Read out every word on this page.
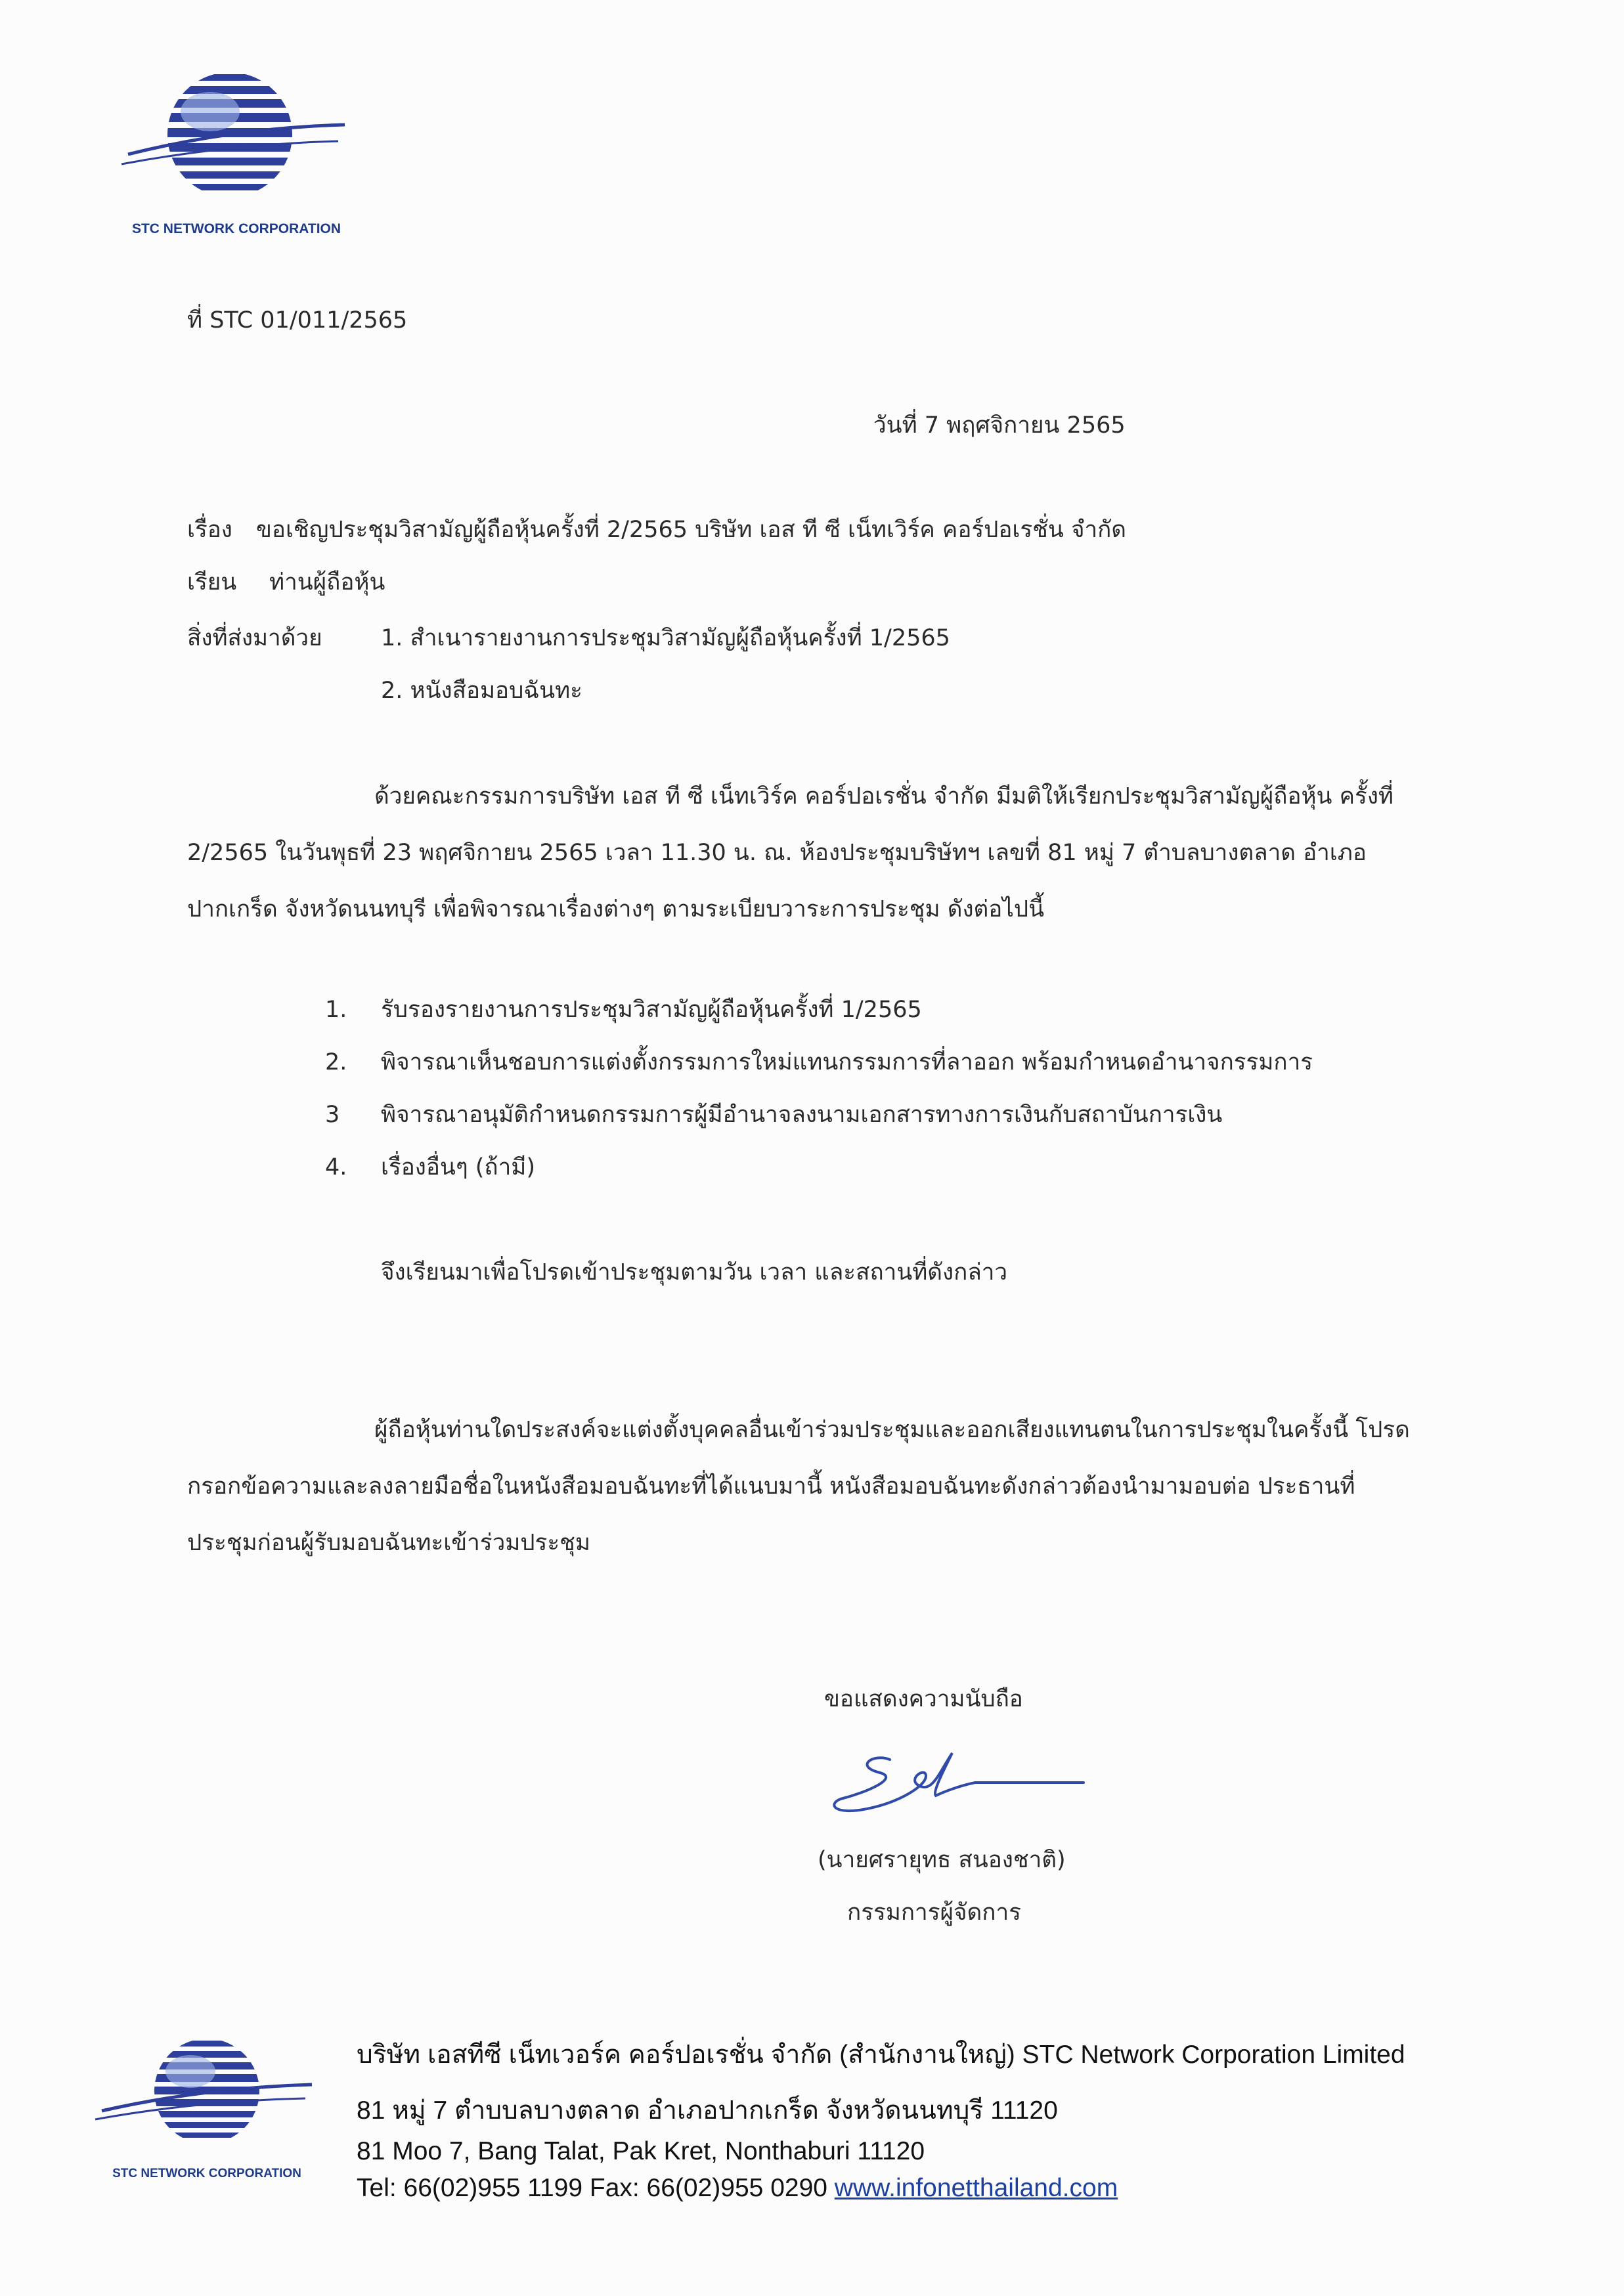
STC NETWORK CORPORATION
ที่ STC 01/011/2565
วันที่ 7 พฤศจิกายน 2565
เรื่อง ขอเชิญประชุมวิสามัญผู้ถือหุ้นครั้งที่ 2/2565 บริษัท เอส ที ซี เน็ทเวิร์ค คอร์ปอเรชั่น จำกัด
เรียน ท่านผู้ถือหุ้น
สิ่งที่ส่งมาด้วย	1. สำเนารายงานการประชุมวิสามัญผู้ถือหุ้นครั้งที่ 1/2565
2. หนังสือมอบฉันทะ
ด้วยคณะกรรมการบริษัท เอส ที ซี เน็ทเวิร์ค คอร์ปอเรชั่น จำกัด มีมติให้เรียกประชุมวิสามัญผู้ถือหุ้น ครั้งที่ 2/2565 ในวันพุธที่ 23 พฤศจิกายน 2565 เวลา 11.30 น. ณ. ห้องประชุมบริษัทฯ เลขที่ 81 หมู่ 7 ตำบลบางตลาด อำเภอปากเกร็ด จังหวัดนนทบุรี เพื่อพิจารณาเรื่องต่างๆ ตามระเบียบวาระการประชุม ดังต่อไปนี้
1. รับรองรายงานการประชุมวิสามัญผู้ถือหุ้นครั้งที่ 1/2565
2. พิจารณาเห็นชอบการแต่งตั้งกรรมการใหม่แทนกรรมการที่ลาออก พร้อมกำหนดอำนาจกรรมการ
3 พิจารณาอนุมัติกำหนดกรรมการผู้มีอำนาจลงนามเอกสารทางการเงินกับสถาบันการเงิน
4. เรื่องอื่นๆ (ถ้ามี)
จึงเรียนมาเพื่อโปรดเข้าประชุมตามวัน เวลา และสถานที่ดังกล่าว
ผู้ถือหุ้นท่านใดประสงค์จะแต่งตั้งบุคคลอื่นเข้าร่วมประชุมและออกเสียงแทนตนในการประชุมในครั้งนี้ โปรดกรอกข้อความและลงลายมือชื่อในหนังสือมอบฉันทะที่ได้แนบมานี้ หนังสือมอบฉันทะดังกล่าวต้องนำมามอบต่อ ประธานที่ประชุมก่อนผู้รับมอบฉันทะเข้าร่วมประชุม
ขอแสดงความนับถือ
(นายศรายุทธ สนองชาติ)
กรรมการผู้จัดการ
STC NETWORK CORPORATION
บริษัท เอสทีซี เน็ทเวอร์ค คอร์ปอเรชั่น จำกัด (สำนักงานใหญ่) STC Network Corporation Limited
81 หมู่ 7 ตำบบลบางตลาด อำเภอปากเกร็ด จังหวัดนนทบุรี 11120
81 Moo 7, Bang Talat, Pak Kret, Nonthaburi 11120
Tel: 66(02)955 1199 Fax: 66(02)955 0290 www.infonetthailand.com
